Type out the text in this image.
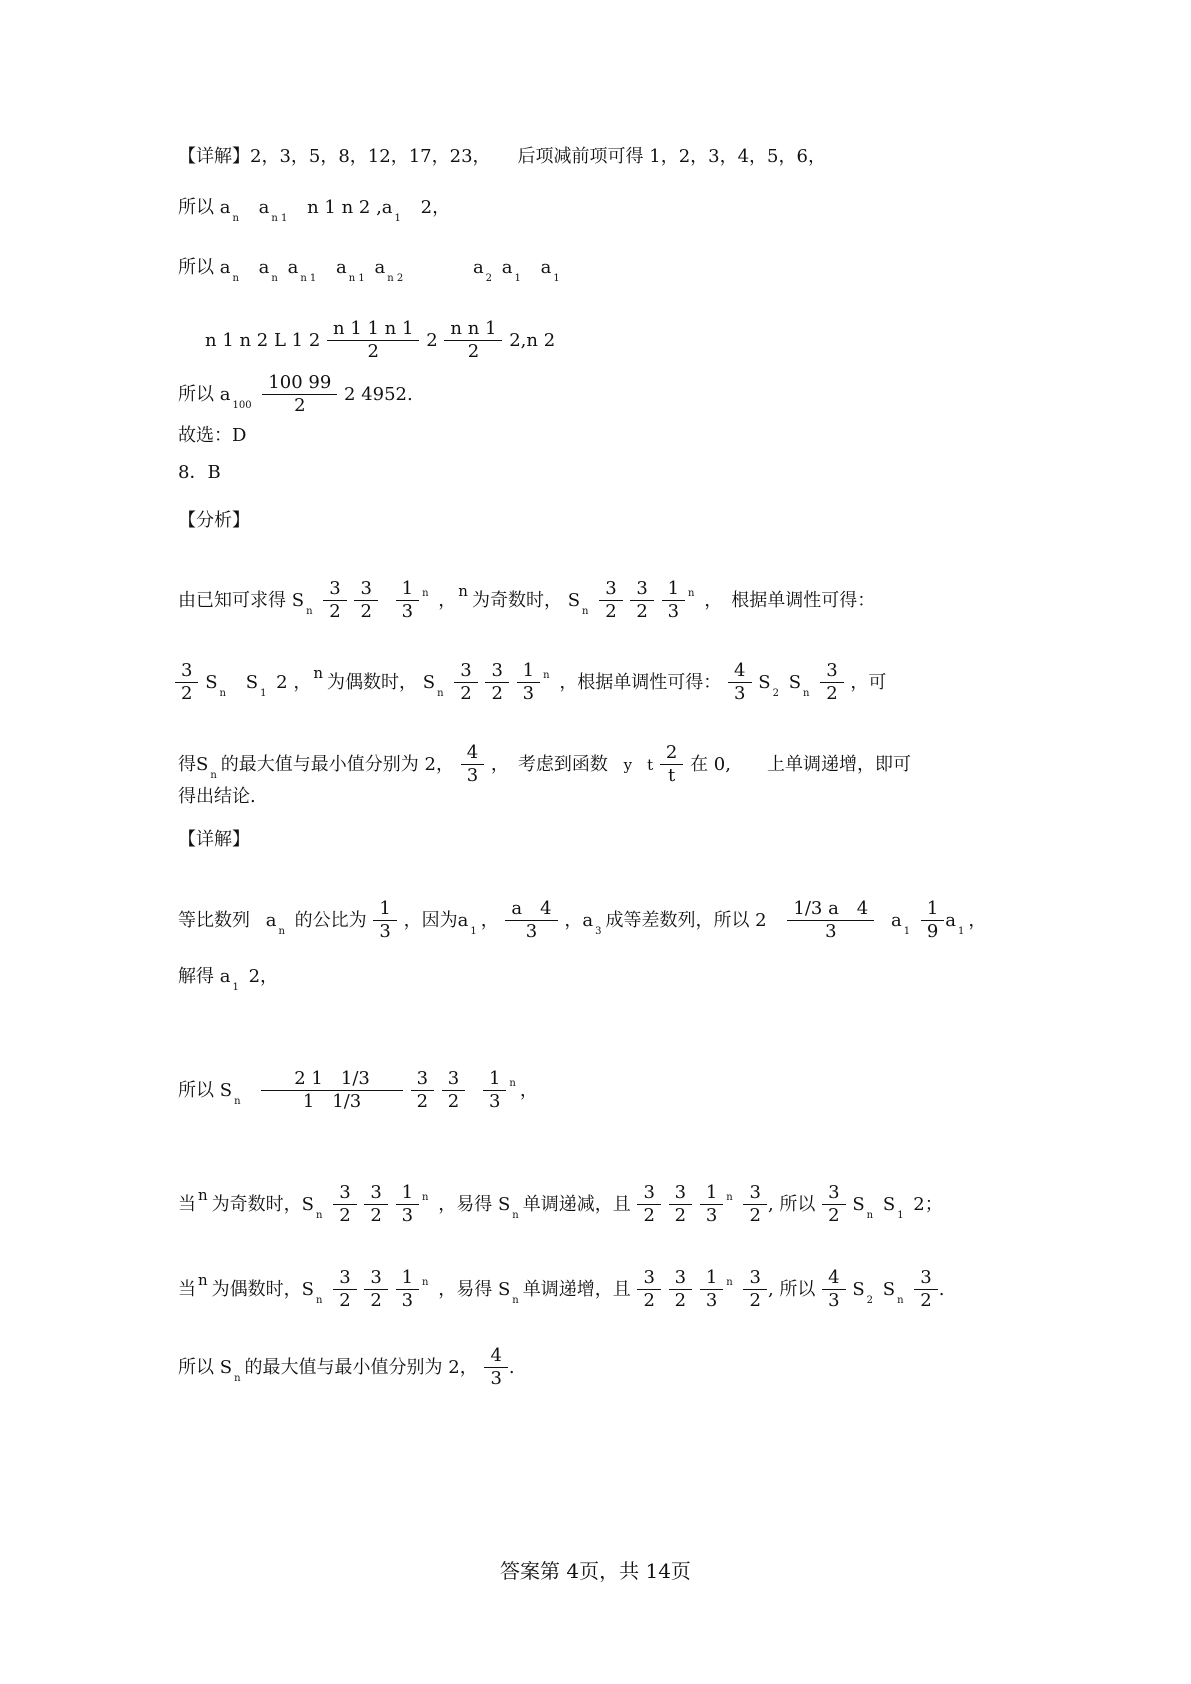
【详解】2，3，5，8，12，17，23，　　后项减前项可得 1，2，3，4，5，6，
所以 an an 1 n 1 n 2 ,a1 2，
所以 an an an 1 an 1 an 2 a2 a1 a1
n 1 n 2 L 1 $2 \frac{n 1 1 n 1}{2} 2 \frac{\text{n n 1}}{2} 2,n$ 2
所以 $a100 \frac{100 99}{2} 2$ 4952.
故选：D
8．B
【分析】
由已知可求得 Sn $\frac{3}{2}$
$\frac{3}{2}$
$\frac{1}{3}$ n ， n 为奇数时， Sn $\frac{3}{2}$
$\frac{3}{2}$
$\frac{1}{3}$ n ，　根据单调性可得：
$\frac{3}{2}$ Sn S1 2 ， n 为偶数时， Sn $\frac{3}{2}$
$\frac{3}{2}$
$\frac{1}{3}$ n ，根据单调性可得： $\frac{4}{3} S2$ Sn $\frac{3}{2}$ ，可
得Sn的最大值与最小值分别为 2， $\frac{4}{3}$ ，　考虑到函数 y　t $\frac{2}{t}$ 在 0,　　上单调递增，即可
得出结论.
【详解】
等比数列 an 的公比为 $\frac{1}{3}$ ，因为a1， $\frac{a 4}{3}$ ，a3成等差数列，所以 $2 \frac{1/3 a 4}{3} a1 \frac{1}{9} a1$，
解得 a1 2，
所以 Sn $\frac{2 1 1/3}{1 1/3}$
$\frac{3}{2}$
$\frac{3}{2}$
$\frac{1}{3}$ n ，
当 n 为奇数时，Sn $\frac{3}{2}$
$\frac{3}{2}$
$\frac{1}{3}$ n ，易得 Sn单调递减，且 $\frac{3}{2}$
$\frac{3}{2}$
$\frac{1}{3}$ n $\frac{3}{2}$ , 所以 $\frac{3}{2}$ Sn S1 2；
当 n 为偶数时，Sn $\frac{3}{2}$
$\frac{3}{2}$
$\frac{1}{3}$ n ，易得 Sn单调递增，且 $\frac{3}{2}$
$\frac{3}{2}$
$\frac{1}{3}$ n $\frac{3}{2}$ , 所以 $\frac{4}{3} S2$ Sn $\frac{3}{2}$ .
所以 Sn的最大值与最小值分别为 2， $\frac{4}{3}$ .
答案第 4页，共 14页
